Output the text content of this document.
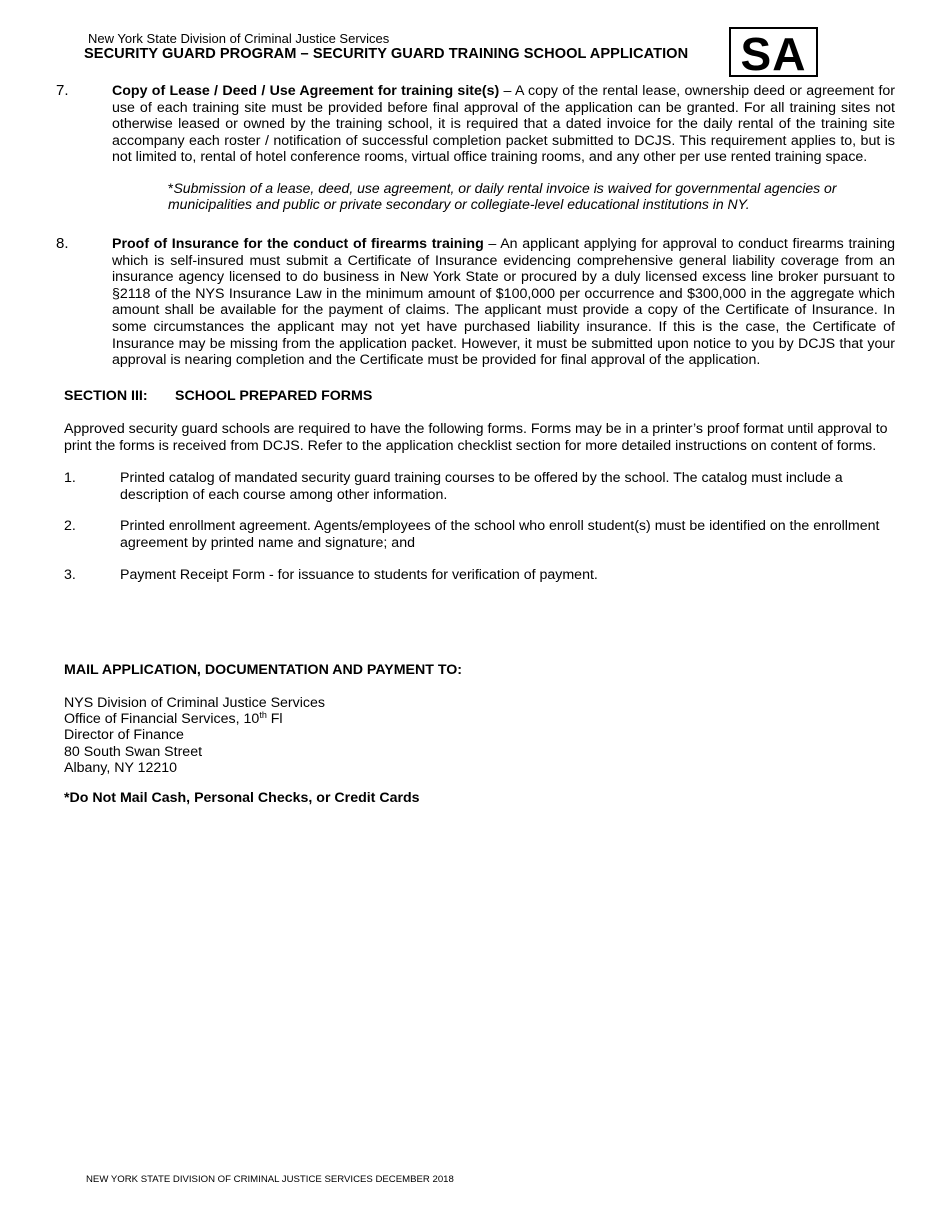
New York State Division of Criminal Justice Services
SECURITY GUARD PROGRAM – SECURITY GUARD TRAINING SCHOOL APPLICATION SA
7.	Copy of Lease / Deed / Use Agreement for training site(s) – A copy of the rental lease, ownership deed or agreement for use of each training site must be provided before final approval of the application can be granted. For all training sites not otherwise leased or owned by the training school, it is required that a dated invoice for the daily rental of the training site accompany each roster / notification of successful completion packet submitted to DCJS. This requirement applies to, but is not limited to, rental of hotel conference rooms, virtual office training rooms, and any other per use rented training space.

*Submission of a lease, deed, use agreement, or daily rental invoice is waived for governmental agencies or municipalities and public or private secondary or collegiate-level educational institutions in NY.

8.	Proof of Insurance for the conduct of firearms training – An applicant applying for approval to conduct firearms training which is self-insured must submit a Certificate of Insurance evidencing comprehensive general liability coverage from an insurance agency licensed to do business in New York State or procured by a duly licensed excess line broker pursuant to §2118 of the NYS Insurance Law in the minimum amount of $100,000 per occurrence and $300,000 in the aggregate which amount shall be available for the payment of claims. The applicant must provide a copy of the Certificate of Insurance. In some circumstances the applicant may not yet have purchased liability insurance. If this is the case, the Certificate of Insurance may be missing from the application packet. However, it must be submitted upon notice to you by DCJS that your approval is nearing completion and the Certificate must be provided for final approval of the application.

SECTION III: SCHOOL PREPARED FORMS

Approved security guard schools are required to have the following forms. Forms may be in a printer’s proof format until approval to print the forms is received from DCJS. Refer to the application checklist section for more detailed instructions on content of forms.

1.	Printed catalog of mandated security guard training courses to be offered by the school. The catalog must include a description of each course among other information.

2.	Printed enrollment agreement. Agents/employees of the school who enroll student(s) must be identified on the enrollment agreement by printed name and signature; and

3.	Payment Receipt Form - for issuance to students for verification of payment.

MAIL APPLICATION, DOCUMENTATION AND PAYMENT TO:
NYS Division of Criminal Justice Services
Office of Financial Services, 10th Fl
Director of Finance
80 South Swan Street
Albany, NY 12210
*Do Not Mail Cash, Personal Checks, or Credit Cards
NEW YORK STATE DIVISION OF CRIMINAL JUSTICE SERVICES DECEMBER 2018
